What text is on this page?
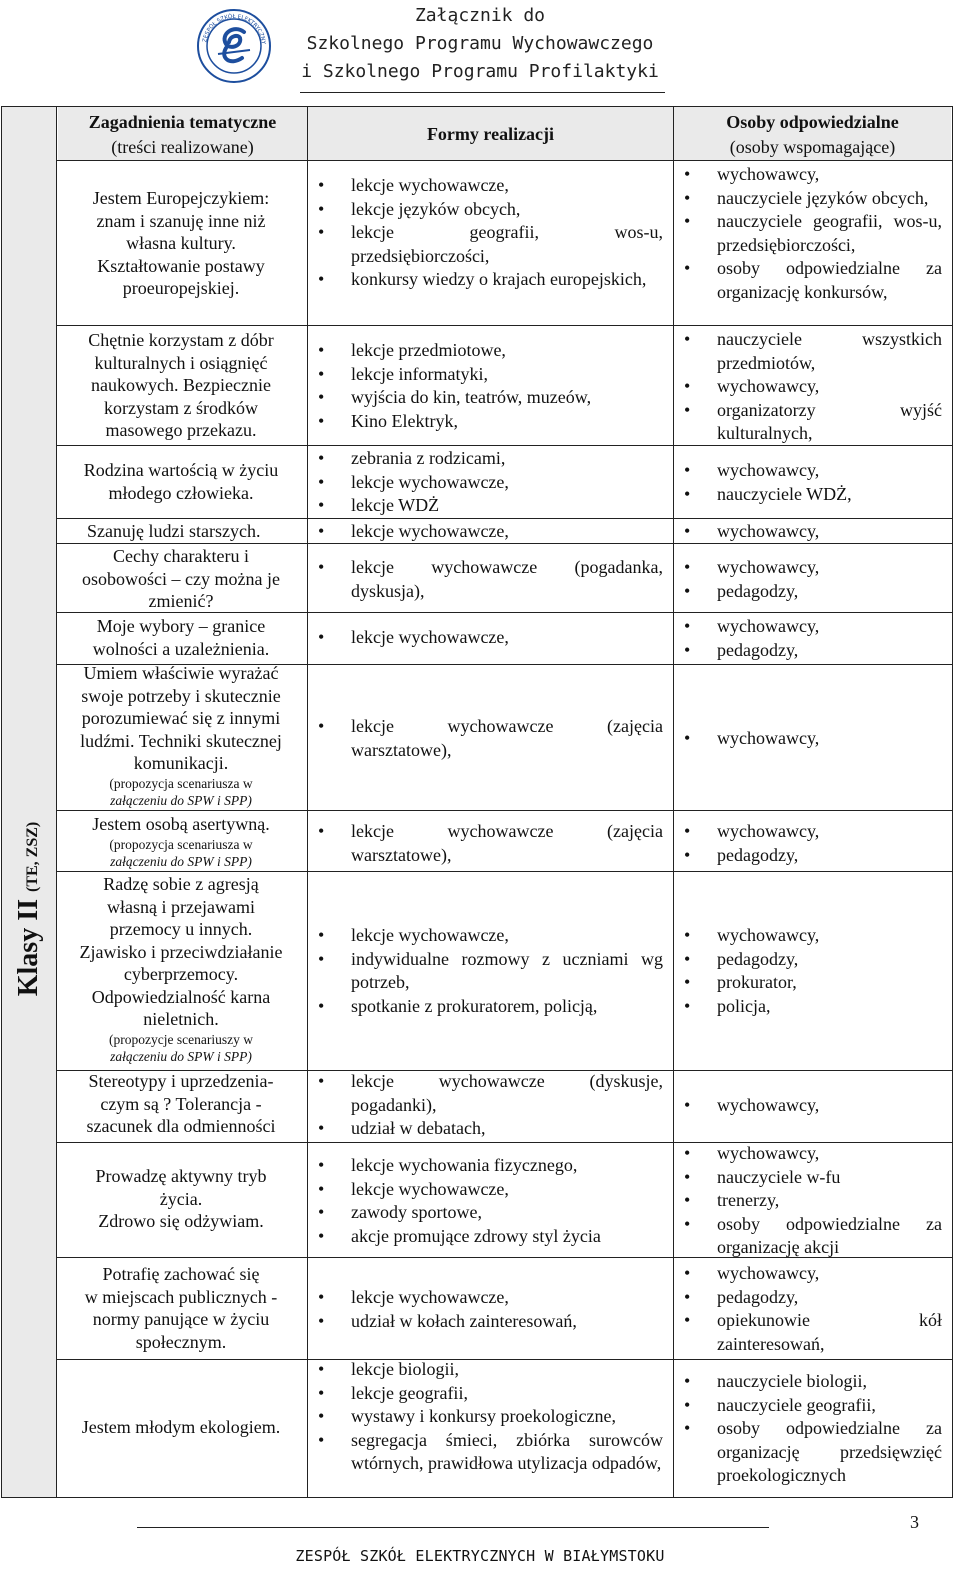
ZESPÓŁ SZKÓŁ ELEKTRYCZNY
Załącznik do
Szkolnego Programu Wychowawczego
i Szkolnego Programu Profilaktyki
Klasy II (TE, ZSZ)
Zagadnienia tematyczne
(treści realizowane)
Formy realizacji
Osoby odpowiedzialne
(osoby wspomagające)
Jestem Europejczykiem:
znam i szanuję inne niż
własna kultury.
Kształtowanie postawy
proeuropejskiej.
• lekcje wychowawcze,
• lekcje języków obcych,
• lekcje geografii, wos-u, przedsiębiorczości,
• konkursy wiedzy o krajach europejskich,
• wychowawcy,
• nauczyciele języków obcych,
• nauczyciele geografii, wos-u, przedsiębiorczości,
• osoby odpowiedzialne za organizację konkursów,
Chętnie korzystam z dóbr
kulturalnych i osiągnięć
naukowych. Bezpiecznie
korzystam z środków
masowego przekazu.
• lekcje przedmiotowe,
• lekcje informatyki,
• wyjścia do kin, teatrów, muzeów,
• Kino Elektryk,
• nauczyciele wszystkich przedmiotów,
• wychowawcy,
• organizatorzy wyjść kulturalnych,
Rodzina wartością w życiu
młodego człowieka.
• zebrania z rodzicami,
• lekcje wychowawcze,
• lekcje WDŻ
• wychowawcy,
• nauczyciele WDŻ,
Szanuję ludzi starszych.	• lekcje wychowawcze,	• wychowawcy,
Cechy charakteru i
osobowości – czy można je
zmienić?
• lekcje wychowawcze (pogadanka, dyskusja),
• wychowawcy,
• pedagodzy,
Moje wybory – granice
wolności a uzależnienia.
• lekcje wychowawcze,
• wychowawcy,
• pedagodzy,
Umiem właściwie wyrażać
swoje potrzeby i skutecznie
porozumiewać się z innymi
ludźmi. Techniki skutecznej
komunikacji.
(propozycja scenariusza w
załączeniu do SPW i SPP)
• lekcje wychowawcze (zajęcia warsztatowe),
• wychowawcy,
Jestem osobą asertywną.
(propozycja scenariusza w
załączeniu do SPW i SPP)
• lekcje wychowawcze (zajęcia warsztatowe),
• wychowawcy,
• pedagodzy,
Radzę sobie z agresją
własną i przejawami
przemocy u innych.
Zjawisko i przeciwdziałanie
cyberprzemocy.
Odpowiedzialność karna
nieletnich.
(propozycje scenariuszy w
załączeniu do SPW i SPP)
• lekcje wychowawcze,
• indywidualne rozmowy z uczniami wg potrzeb,
• spotkanie z prokuratorem, policją,
• wychowawcy,
• pedagodzy,
• prokurator,
• policja,
Stereotypy i uprzedzenia-
czym są ? Tolerancja -
szacunek dla odmienności
• lekcje wychowawcze (dyskusje, pogadanki),
• udział w debatach,
• wychowawcy,
Prowadzę aktywny tryb
życia.
Zdrowo się odżywiam.
• lekcje wychowania fizycznego,
• lekcje wychowawcze,
• zawody sportowe,
• akcje promujące zdrowy styl życia
• wychowawcy,
• nauczyciele w-fu
• trenerzy,
• osoby odpowiedzialne za organizację akcji
Potrafię zachować się
w miejscach publicznych -
normy panujące w życiu
społecznym.
• lekcje wychowawcze,
• udział w kołach zainteresowań,
• wychowawcy,
• pedagodzy,
• opiekunowie kół zainteresowań,
Jestem młodym ekologiem.
• lekcje biologii,
• lekcje geografii,
• wystawy i konkursy proekologiczne,
• segregacja śmieci, zbiórka surowców wtórnych, prawidłowa utylizacja odpadów,
• nauczyciele biologii,
• nauczyciele geografii,
• osoby odpowiedzialne za organizację przedsięwzięć proekologicznych
3
ZESPÓŁ SZKÓŁ ELEKTRYCZNYCH W BIAŁYMSTOKU
